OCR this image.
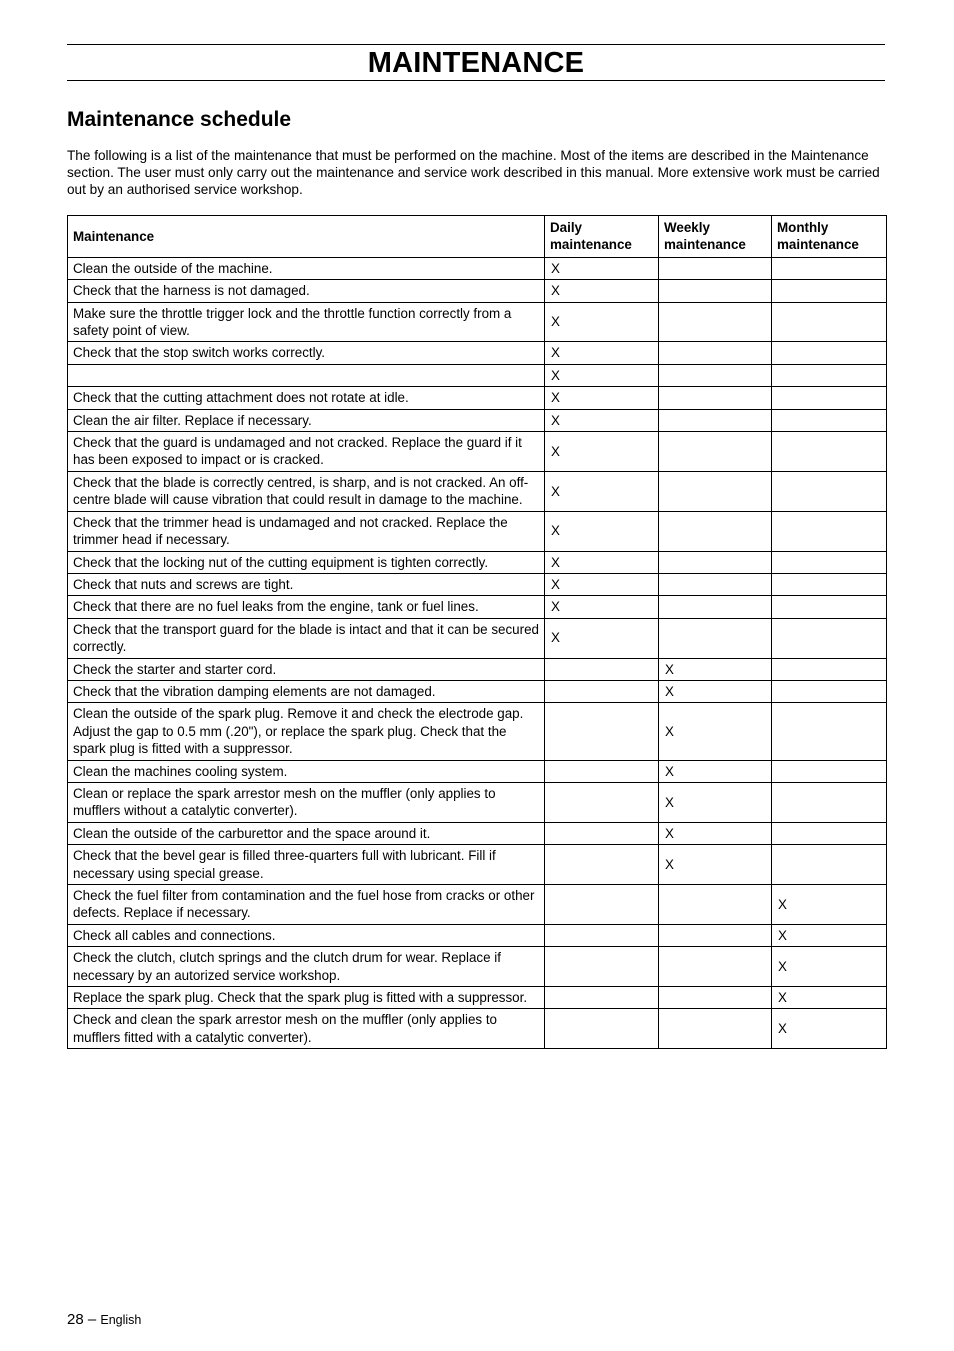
MAINTENANCE
Maintenance schedule
The following is a list of the maintenance that must be performed on the machine. Most of the items are described in the Maintenance section. The user must only carry out the maintenance and service work described in this manual. More extensive work must be carried out by an authorised service workshop.
Maintenance	Daily maintenance	Weekly maintenance	Monthly maintenance
Clean the outside of the machine.	X		
Check that the harness is not damaged.	X		
Make sure the throttle trigger lock and the throttle function correctly from a safety point of view.	X		
Check that the stop switch works correctly.	X		
	X		
Check that the cutting attachment does not rotate at idle.	X		
Clean the air filter. Replace if necessary.	X		
Check that the guard is undamaged and not cracked. Replace the guard if it has been exposed to impact or is cracked.	X		
Check that the blade is correctly centred, is sharp, and is not cracked. An off-centre blade will cause vibration that could result in damage to the machine.	X		
Check that the trimmer head is undamaged and not cracked. Replace the trimmer head if necessary.	X		
Check that the locking nut of the cutting equipment is tighten correctly.	X		
Check that nuts and screws are tight.	X		
Check that there are no fuel leaks from the engine, tank or fuel lines.	X		
Check that the transport guard for the blade is intact and that it can be secured correctly.	X		
Check the starter and starter cord.		X	
Check that the vibration damping elements are not damaged.		X	
Clean the outside of the spark plug. Remove it and check the electrode gap. Adjust the gap to 0.5 mm (.20"), or replace the spark plug. Check that the spark plug is fitted with a suppressor.		X	
Clean the machines cooling system.		X	
Clean or replace the spark arrestor mesh on the muffler (only applies to mufflers without a catalytic converter).		X	
Clean the outside of the carburettor and the space around it.		X	
Check that the bevel gear is filled three-quarters full with lubricant. Fill if necessary using special grease.		X	
Check the fuel filter from contamination and the fuel hose from cracks or other defects. Replace if necessary.			X
Check all cables and connections.			X
Check the clutch, clutch springs and the clutch drum for wear. Replace if necessary by an autorized service workshop.			X
Replace the spark plug. Check that the spark plug is fitted with a suppressor.			X
Check and clean the spark arrestor mesh on the muffler (only applies to mufflers fitted with a catalytic converter).			X
28 – English
